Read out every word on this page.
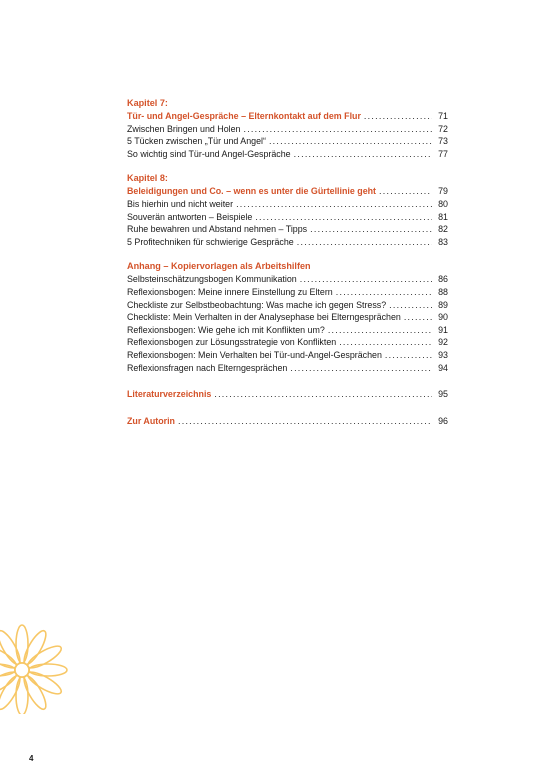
Kapitel 7:
Tür- und Angel-Gespräche – Elternkontakt auf dem Flur . . .	71
Zwischen Bringen und Holen . . .	72
5 Tücken zwischen „Tür und Angel“ . . .	73
So wichtig sind Tür-und Angel-Gespräche . . .	77
Kapitel 8:
Beleidigungen und Co. – wenn es unter die Gürtellinie geht . . .	79
Bis hierhin und nicht weiter . . .	80
Souverän antworten – Beispiele . . .	81
Ruhe bewahren und Abstand nehmen – Tipps . . .	82
5 Profitechniken für schwierige Gespräche . . .	83
Anhang – Kopiervorlagen als Arbeitshilfen
Selbsteinschätzungsbogen Kommunikation . . .	86
Reflexionsbogen: Meine innere Einstellung zu Eltern . . .	88
Checkliste zur Selbstbeobachtung: Was mache ich gegen Stress? . . .	89
Checkliste: Mein Verhalten in der Analysephase bei Elterngesprächen . . .	90
Reflexionsbogen: Wie gehe ich mit Konflikten um? . . .	91
Reflexionsbogen zur Lösungsstrategie von Konflikten . . .	92
Reflexionsbogen: Mein Verhalten bei Tür-und-Angel-Gesprächen . . .	93
Reflexionsfragen nach Elterngesprächen . . .	94
Literaturverzeichnis . . .	95
Zur Autorin . . .	96
4
